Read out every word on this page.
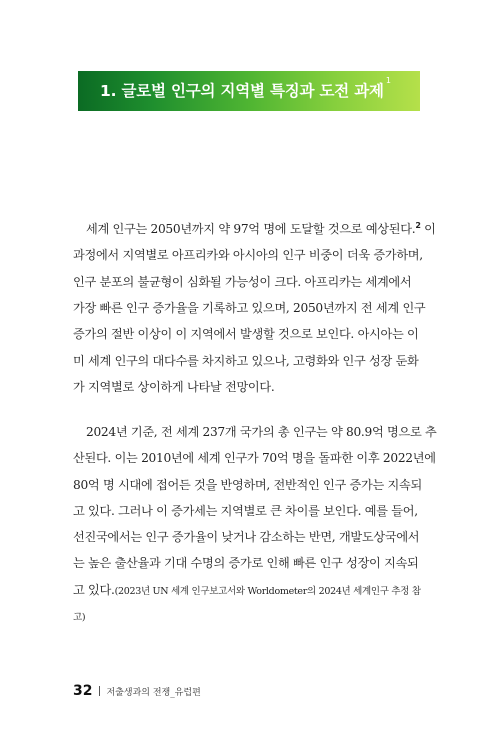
1. 글로벌 인구의 지역별 특징과 도전 과제$^1$
세계 인구는 2050년까지 약 97억 명에 도달할 것으로 예상된다.$^2$ 이
과정에서 지역별로 아프리카와 아시아의 인구 비중이 더욱 증가하며,
인구 분포의 불균형이 심화될 가능성이 크다. 아프리카는 세계에서
가장 빠른 인구 증가율을 기록하고 있으며, 2050년까지 전 세계 인구
증가의 절반 이상이 이 지역에서 발생할 것으로 보인다. 아시아는 이
미 세계 인구의 대다수를 차지하고 있으나, 고령화와 인구 성장 둔화
가 지역별로 상이하게 나타날 전망이다.
2024년 기준, 전 세계 237개 국가의 총 인구는 약 80.9억 명으로 추
산된다. 이는 2010년에 세계 인구가 70억 명을 돌파한 이후 2022년에
80억 명 시대에 접어든 것을 반영하며, 전반적인 인구 증가는 지속되
고 있다. 그러나 이 증가세는 지역별로 큰 차이를 보인다. 예를 들어,
선진국에서는 인구 증가율이 낮거나 감소하는 반면, 개발도상국에서
는 높은 출산율과 기대 수명의 증가로 인해 빠른 인구 성장이 지속되
고 있다.(2023년 UN 세계 인구보고서와 Worldometer의 2024년 세계인구 추정 참
고)
32 저출생과의 전쟁_유럽편
